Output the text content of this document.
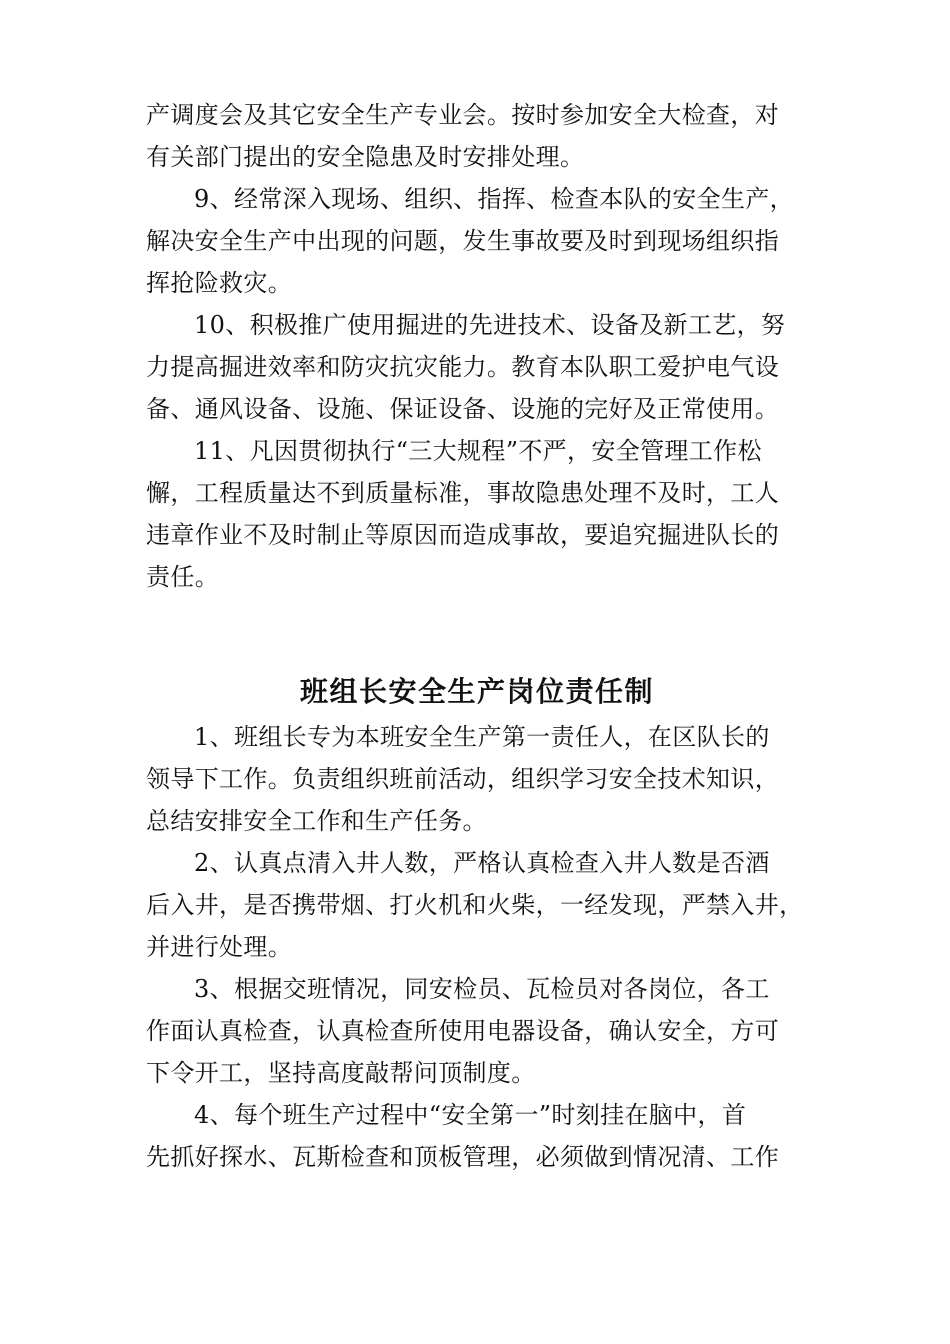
产调度会及其它安全生产专业会。按时参加安全大检查，对
有关部门提出的安全隐患及时安排处理。
9、经常深入现场、组织、指挥、检查本队的安全生产，
解决安全生产中出现的问题，发生事故要及时到现场组织指
挥抢险救灾。
10、积极推广使用掘进的先进技术、设备及新工艺，努
力提高掘进效率和防灾抗灾能力。教育本队职工爱护电气设
备、通风设备、设施、保证设备、设施的完好及正常使用。
11、凡因贯彻执行“三大规程”不严，安全管理工作松
懈，工程质量达不到质量标准，事故隐患处理不及时，工人
违章作业不及时制止等原因而造成事故，要追究掘进队长的
责任。
班组长安全生产岗位责任制
1、班组长专为本班安全生产第一责任人，在区队长的
领导下工作。负责组织班前活动，组织学习安全技术知识，
总结安排安全工作和生产任务。
2、认真点清入井人数，严格认真检查入井人数是否酒
后入井，是否携带烟、打火机和火柴，一经发现，严禁入井，
并进行处理。
3、根据交班情况，同安检员、瓦检员对各岗位，各工
作面认真检查，认真检查所使用电器设备，确认安全，方可
下令开工，坚持高度敲帮问顶制度。
4、每个班生产过程中“安全第一”时刻挂在脑中，首
先抓好探水、瓦斯检查和顶板管理，必须做到情况清、工作
